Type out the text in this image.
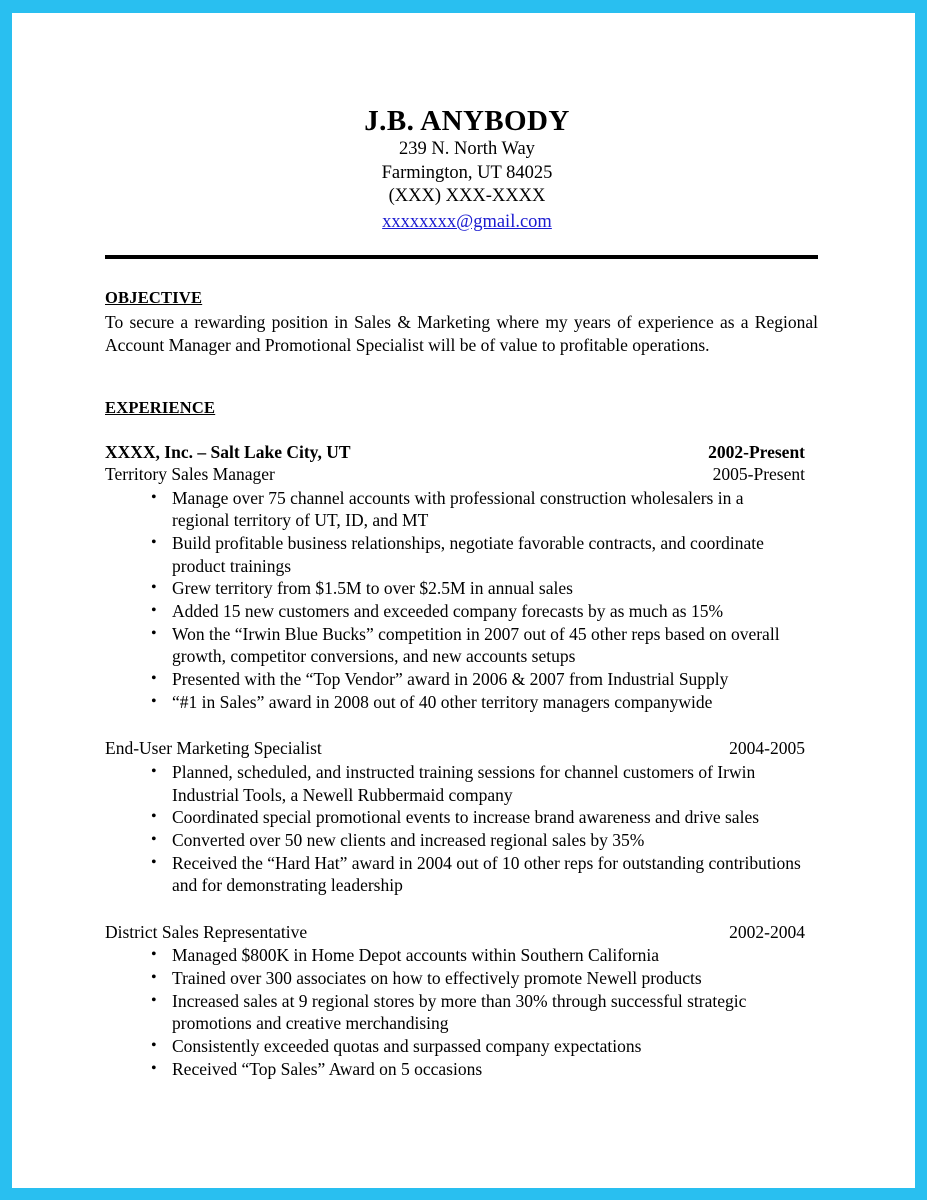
J.B. ANYBODY
239 N. North Way
Farmington, UT 84025
(XXX) XXX-XXXX
xxxxxxxx@gmail.com
OBJECTIVE
To secure a rewarding position in Sales & Marketing where my years of experience as a Regional Account Manager and Promotional Specialist will be of value to profitable operations.
EXPERIENCE
XXXX, Inc. – Salt Lake City, UT	2002-Present
Territory Sales Manager	2005-Present
• Manage over 75 channel accounts with professional construction wholesalers in a regional territory of UT, ID, and MT
• Build profitable business relationships, negotiate favorable contracts, and coordinate product trainings
• Grew territory from $1.5M to over $2.5M in annual sales
• Added 15 new customers and exceeded company forecasts by as much as 15%
• Won the “Irwin Blue Bucks” competition in 2007 out of 45 other reps based on overall growth, competitor conversions, and new accounts setups
• Presented with the “Top Vendor” award in 2006 & 2007 from Industrial Supply
• “#1 in Sales” award in 2008 out of 40 other territory managers companywide
End-User Marketing Specialist	2004-2005
• Planned, scheduled, and instructed training sessions for channel customers of Irwin Industrial Tools, a Newell Rubbermaid company
• Coordinated special promotional events to increase brand awareness and drive sales
• Converted over 50 new clients and increased regional sales by 35%
• Received the “Hard Hat” award in 2004 out of 10 other reps for outstanding contributions and for demonstrating leadership
District Sales Representative	2002-2004
• Managed $800K in Home Depot accounts within Southern California
• Trained over 300 associates on how to effectively promote Newell products
• Increased sales at 9 regional stores by more than 30% through successful strategic promotions and creative merchandising
• Consistently exceeded quotas and surpassed company expectations
• Received “Top Sales” Award on 5 occasions
